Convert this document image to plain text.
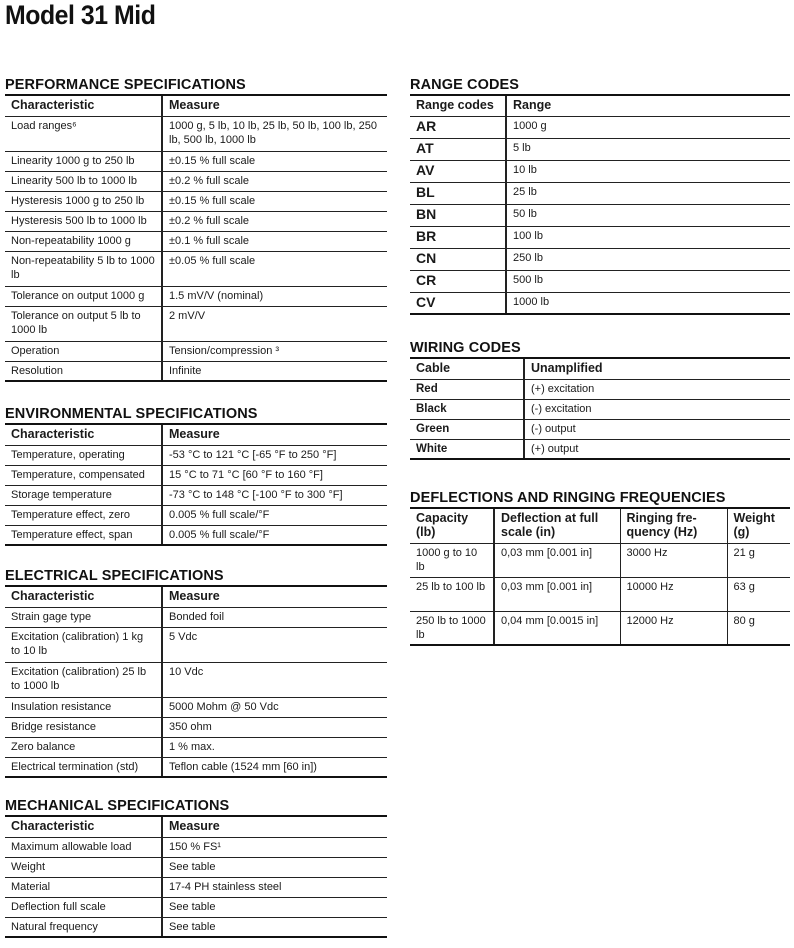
Model 31 Mid
PERFORMANCE SPECIFICATIONS
Characteristic	Measure
Load ranges⁶	1000 g, 5 lb, 10 lb, 25 lb, 50 lb, 100 lb, 250 lb, 500 lb, 1000 lb
Linearity 1000 g to 250 lb	±0.15 % full scale
Linearity 500 lb to 1000 lb	±0.2 % full scale
Hysteresis 1000 g to 250 lb	±0.15 % full scale
Hysteresis 500 lb to 1000 lb	±0.2 % full scale
Non-repeatability 1000 g	±0.1 % full scale
Non-repeatability 5 lb to 1000 lb	±0.05 % full scale
Tolerance on output 1000 g	1.5 mV/V (nominal)
Tolerance on output 5 lb to 1000 lb	2 mV/V
Operation	Tension/compression ³
Resolution	Infinite
ENVIRONMENTAL SPECIFICATIONS
Characteristic	Measure
Temperature, operating	-53 °C to 121 °C [-65 °F to 250 °F]
Temperature, compensated	15 °C to 71 °C [60 °F to 160 °F]
Storage temperature	-73 °C to 148 °C [-100 °F to 300 °F]
Temperature effect, zero	0.005 % full scale/°F
Temperature effect, span	0.005 % full scale/°F
ELECTRICAL SPECIFICATIONS
Characteristic	Measure
Strain gage type	Bonded foil
Excitation (calibration) 1 kg to 10 lb	5 Vdc
Excitation (calibration) 25 lb to 1000 lb	10 Vdc
Insulation resistance	5000 Mohm @ 50 Vdc
Bridge resistance	350 ohm
Zero balance	1 % max.
Electrical termination (std)	Teflon cable (1524 mm [60 in])
MECHANICAL SPECIFICATIONS
Characteristic	Measure
Maximum allowable load	150 % FS¹
Weight	See table
Material	17-4 PH stainless steel
Deflection full scale	See table
Natural frequency	See table
RANGE CODES
Range codes	Range
AR	1000 g
AT	5 lb
AV	10 lb
BL	25 lb
BN	50 lb
BR	100 lb
CN	250 lb
CR	500 lb
CV	1000 lb
WIRING CODES
Cable	Unamplified
Red	(+) excitation
Black	(-) excitation
Green	(-) output
White	(+) output
DEFLECTIONS AND RINGING FREQUENCIES
Capacity (lb)	Deflection at full scale (in)	Ringing fre-quency (Hz)	Weight (g)
1000 g to 10 lb	0,03 mm [0.001 in]	3000 Hz	21 g
25 lb to 100 lb	0,03 mm [0.001 in]	10000 Hz	63 g
250 lb to 1000 lb	0,04 mm [0.0015 in]	12000 Hz	80 g
